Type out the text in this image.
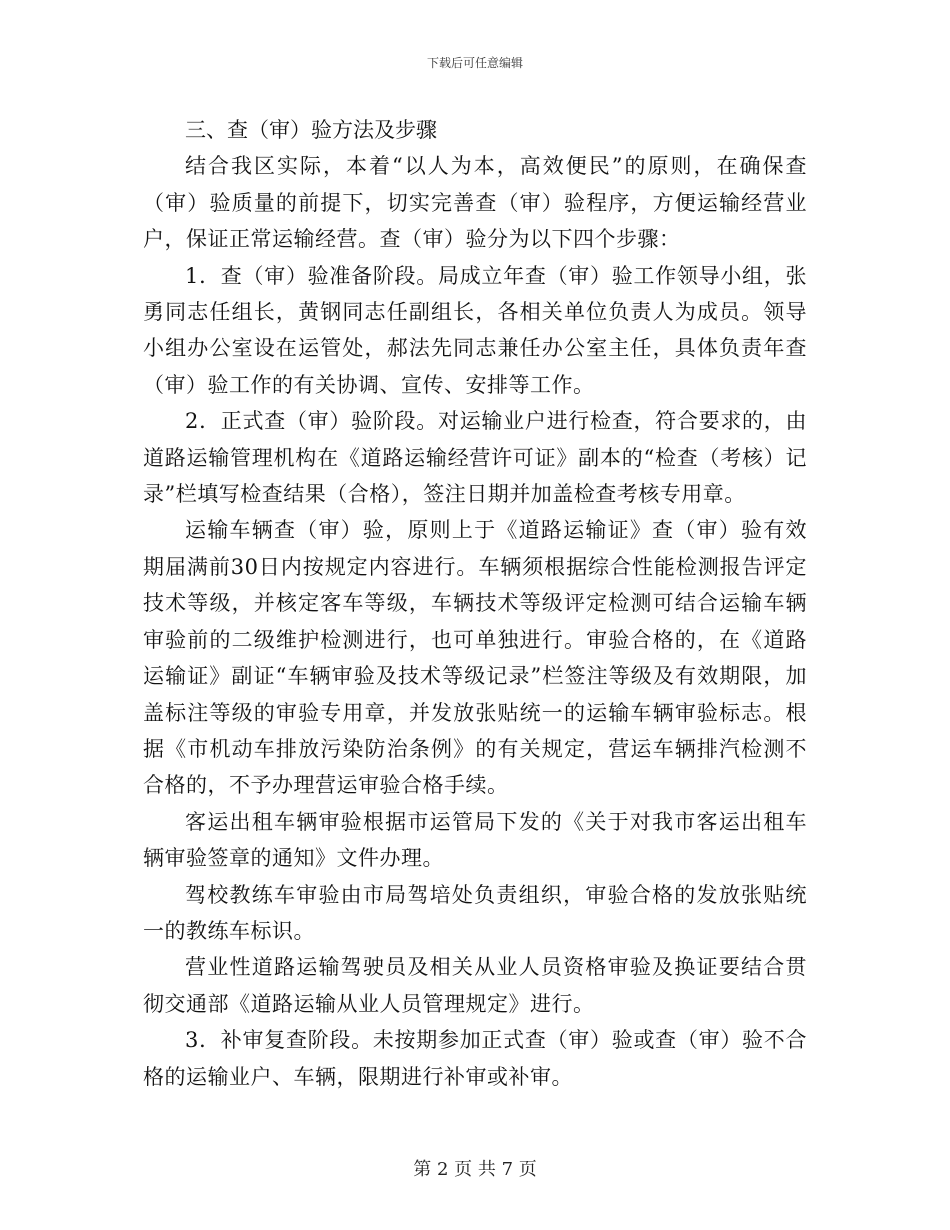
下载后可任意编辑

三、查（审）验方法及步骤

结合我区实际，本着“以人为本，高效便民”的原则，在确保查（审）验质量的前提下，切实完善查（审）验程序，方便运输经营业户，保证正常运输经营。查（审）验分为以下四个步骤：

1．查（审）验准备阶段。局成立年查（审）验工作领导小组，张勇同志任组长，黄钢同志任副组长，各相关单位负责人为成员。领导小组办公室设在运管处，郝法先同志兼任办公室主任，具体负责年查（审）验工作的有关协调、宣传、安排等工作。

2．正式查（审）验阶段。对运输业户进行检查，符合要求的，由道路运输管理机构在《道路运输经营许可证》副本的“检查（考核）记录”栏填写检查结果（合格），签注日期并加盖检查考核专用章。

运输车辆查（审）验，原则上于《道路运输证》查（审）验有效期届满前30日内按规定内容进行。车辆须根据综合性能检测报告评定技术等级，并核定客车等级，车辆技术等级评定检测可结合运输车辆审验前的二级维护检测进行，也可单独进行。审验合格的，在《道路运输证》副证“车辆审验及技术等级记录”栏签注等级及有效期限，加盖标注等级的审验专用章，并发放张贴统一的运输车辆审验标志。根据《市机动车排放污染防治条例》的有关规定，营运车辆排汽检测不合格的，不予办理营运审验合格手续。

客运出租车辆审验根据市运管局下发的《关于对我市客运出租车辆审验签章的通知》文件办理。

驾校教练车审验由市局驾培处负责组织，审验合格的发放张贴统一的教练车标识。

营业性道路运输驾驶员及相关从业人员资格审验及换证要结合贯彻交通部《道路运输从业人员管理规定》进行。

3．补审复查阶段。未按期参加正式查（审）验或查（审）验不合格的运输业户、车辆，限期进行补审或补审。

第 2 页 共 7 页
